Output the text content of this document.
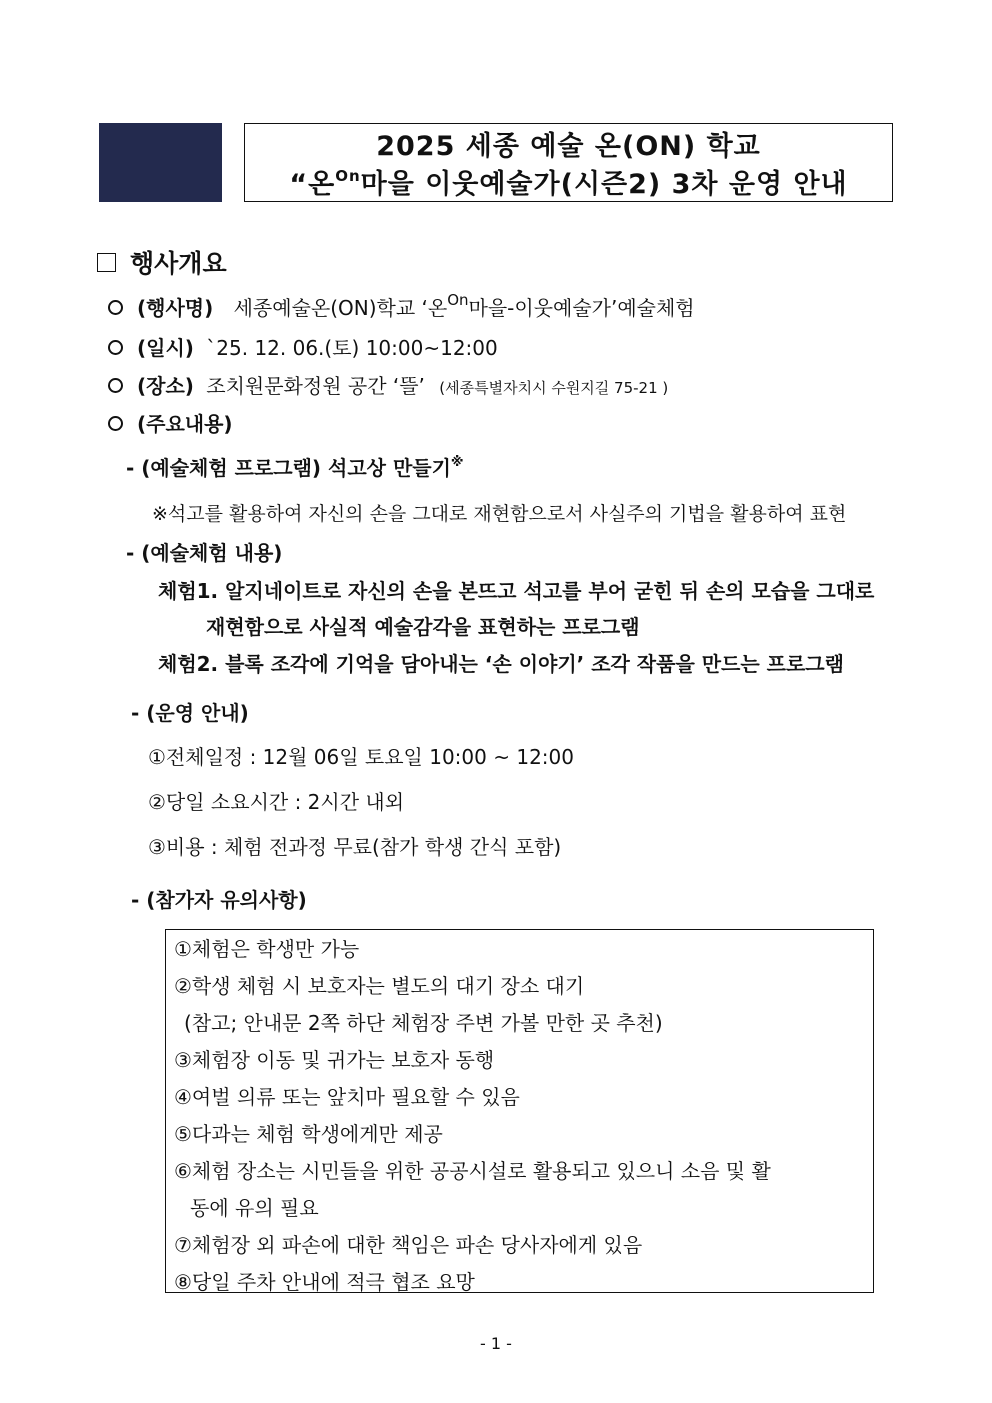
2025 세종 예술 온(ON) 학교
“온$^{On}$마을 이웃예술가(시즌2) 3차 운영 안내
행사개요
(행사명) 세종예술온(ON)학교 ‘온$^{On}$마을-이웃예술가’예술체험
(일시) `25. 12. 06.(토) 10:00~12:00
(장소) 조치원문화정원 공간 ‘뜰’ (세종특별자치시 수원지길 75-21 )
(주요내용)
- (예술체험 프로그램) 석고상 만들기※
※석고를 활용하여 자신의 손을 그대로 재현함으로서 사실주의 기법을 활용하여 표현
- (예술체험 내용)
체험1. 알지네이트로 자신의 손을 본뜨고 석고를 부어 굳힌 뒤 손의 모습을 그대로
재현함으로 사실적 예술감각을 표현하는 프로그램
체험2. 블록 조각에 기억을 담아내는 ‘손 이야기’ 조각 작품을 만드는 프로그램
- (운영 안내)
①전체일정 : 12월 06일 토요일 10:00 ~ 12:00
②당일 소요시간 : 2시간 내외
③비용 : 체험 전과정 무료(참가 학생 간식 포함)
- (참가자 유의사항)
①체험은 학생만 가능
②학생 체험 시 보호자는 별도의 대기 장소 대기
(참고; 안내문 2쪽 하단 체험장 주변 가볼 만한 곳 추천)
③체험장 이동 및 귀가는 보호자 동행
④여벌 의류 또는 앞치마 필요할 수 있음
⑤다과는 체험 학생에게만 제공
⑥체험 장소는 시민들을 위한 공공시설로 활용되고 있으니 소음 및 활
동에 유의 필요
⑦체험장 외 파손에 대한 책임은 파손 당사자에게 있음
⑧당일 주차 안내에 적극 협조 요망
- 1 -
